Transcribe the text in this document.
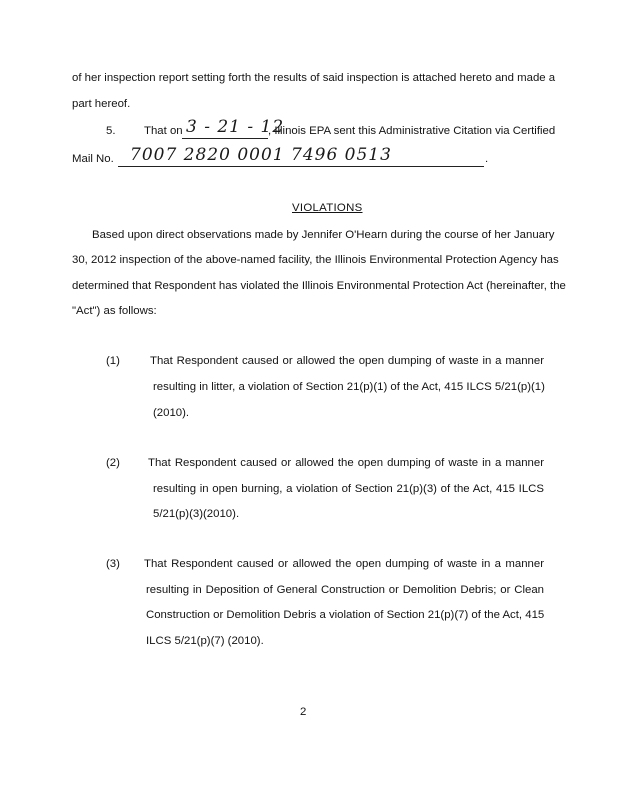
of her inspection report setting forth the results of said inspection is attached hereto and made a
part hereof.
5.	That on 3 - 21 - 12
, Illinois EPA sent this Administrative Citation via Certified
Mail No. 7007 2820 0001 7496 0513	.
VIOLATIONS
Based upon direct observations made by Jennifer O'Hearn during the course of her January
30, 2012 inspection of the above-named facility, the Illinois Environmental Protection Agency has
determined that Respondent has violated the Illinois Environmental Protection Act (hereinafter, the
"Act") as follows:
(1)	That Respondent caused or allowed the open dumping of waste in a manner
resulting in litter, a violation of Section 21(p)(1) of the Act, 415 ILCS 5/21(p)(1)
(2010).
(2) That Respondent caused or allowed the open dumping of waste in a manner
resulting in open burning, a violation of Section 21(p)(3) of the Act, 415 ILCS
5/21(p)(3)(2010).
(3) That Respondent caused or allowed the open dumping of waste in a manner
resulting in Deposition of General Construction or Demolition Debris; or Clean
Construction or Demolition Debris a violation of Section 21(p)(7) of the Act, 415
ILCS 5/21(p)(7) (2010).
2
